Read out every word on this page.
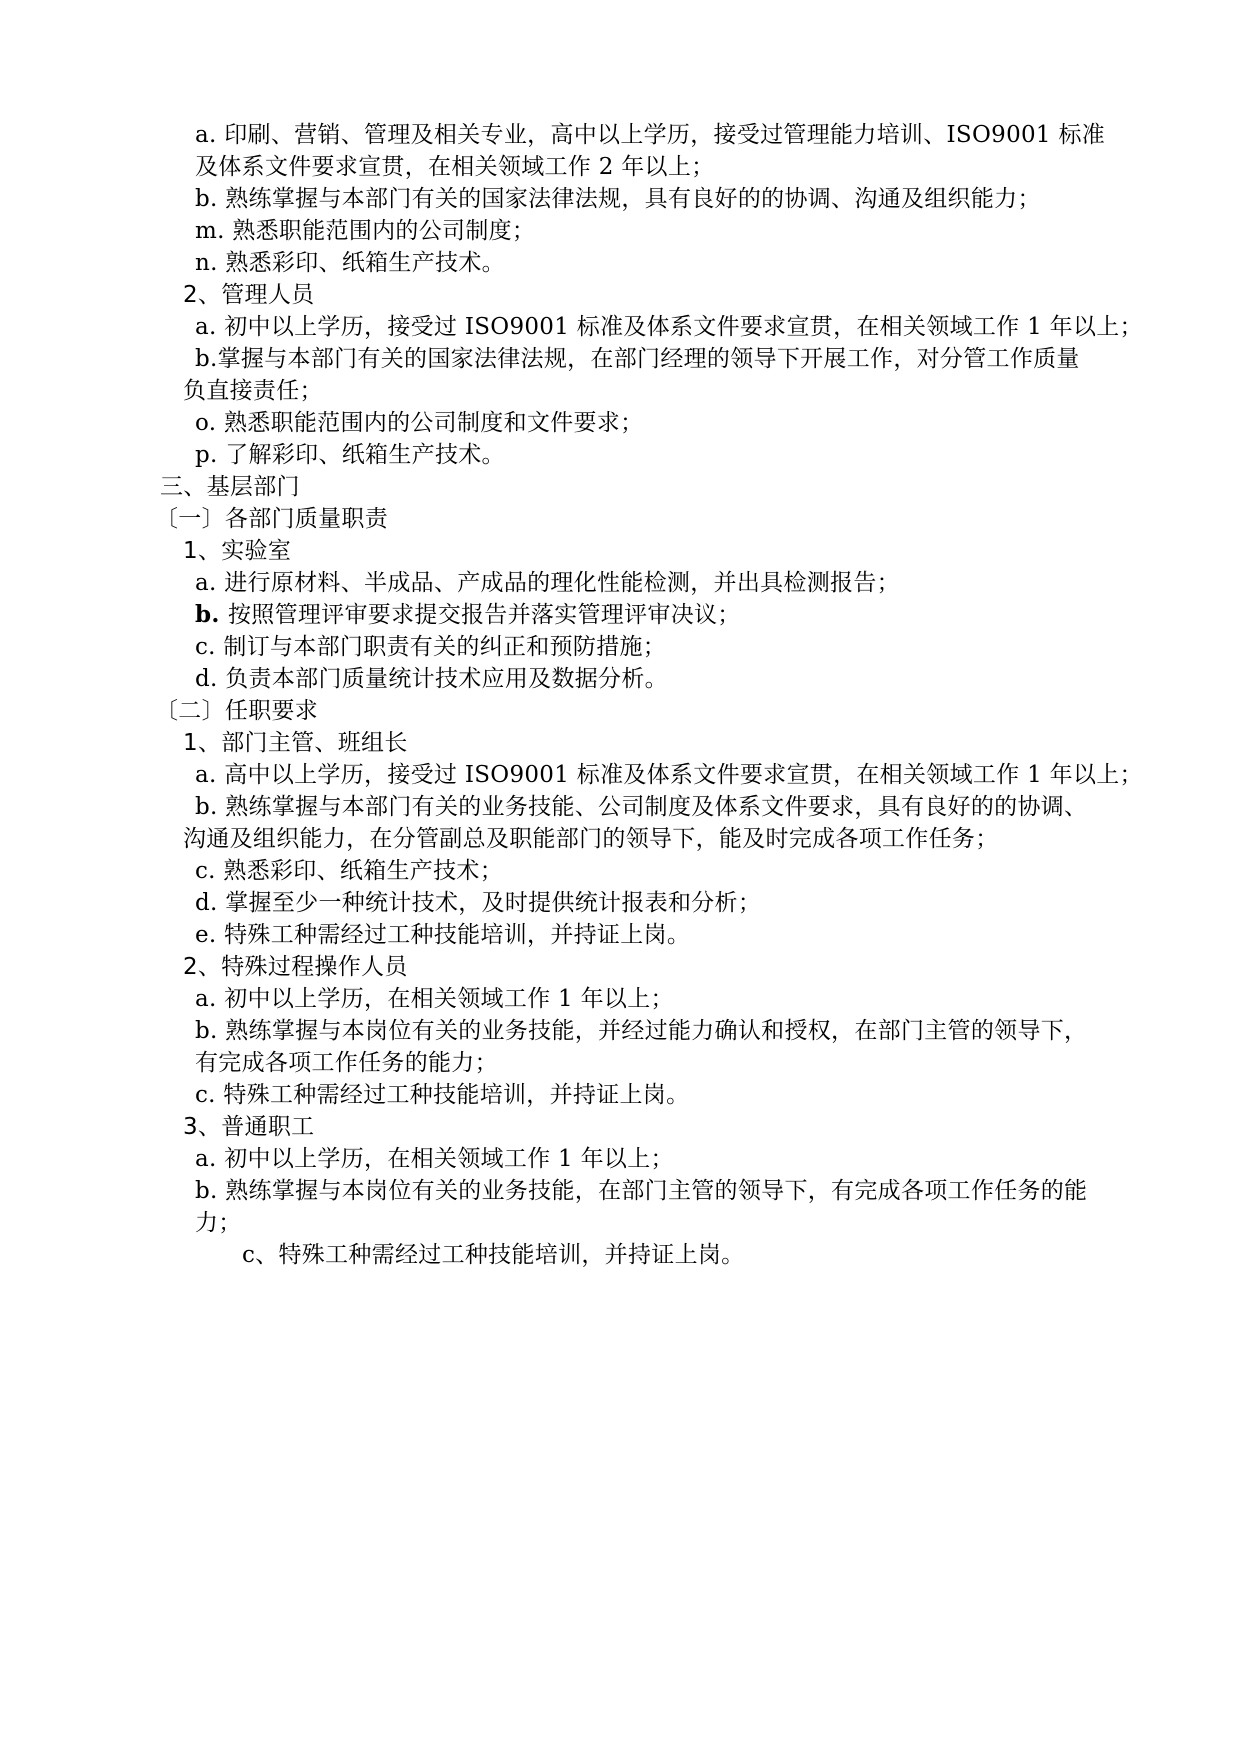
a. 印刷、营销、管理及相关专业，高中以上学历，接受过管理能力培训、ISO9001 标准
及体系文件要求宣贯，在相关领域工作 2 年以上；
b. 熟练掌握与本部门有关的国家法律法规，具有良好的的协调、沟通及组织能力；
m. 熟悉职能范围内的公司制度；
n. 熟悉彩印、纸箱生产技术。
2、管理人员
a. 初中以上学历，接受过 ISO9001 标准及体系文件要求宣贯，在相关领域工作 1 年以上；
b.掌握与本部门有关的国家法律法规，在部门经理的领导下开展工作，对分管工作质量
负直接责任；
o. 熟悉职能范围内的公司制度和文件要求；
p. 了解彩印、纸箱生产技术。
三、基层部门
〔一〕各部门质量职责
1、实验室
a. 进行原材料、半成品、产成品的理化性能检测，并出具检测报告；
b. 按照管理评审要求提交报告并落实管理评审决议；
c. 制订与本部门职责有关的纠正和预防措施；
d. 负责本部门质量统计技术应用及数据分析。
〔二〕任职要求
1、部门主管、班组长
a. 高中以上学历，接受过 ISO9001 标准及体系文件要求宣贯，在相关领域工作 1 年以上；
b. 熟练掌握与本部门有关的业务技能、公司制度及体系文件要求，具有良好的的协调、
沟通及组织能力，在分管副总及职能部门的领导下，能及时完成各项工作任务；
c. 熟悉彩印、纸箱生产技术；
d. 掌握至少一种统计技术，及时提供统计报表和分析；
e. 特殊工种需经过工种技能培训，并持证上岗。
2、特殊过程操作人员
a. 初中以上学历，在相关领域工作 1 年以上；
b. 熟练掌握与本岗位有关的业务技能，并经过能力确认和授权，在部门主管的领导下，
有完成各项工作任务的能力；
c. 特殊工种需经过工种技能培训，并持证上岗。
3、普通职工
a. 初中以上学历，在相关领域工作 1 年以上；
b. 熟练掌握与本岗位有关的业务技能，在部门主管的领导下，有完成各项工作任务的能
力；
c、特殊工种需经过工种技能培训，并持证上岗。
